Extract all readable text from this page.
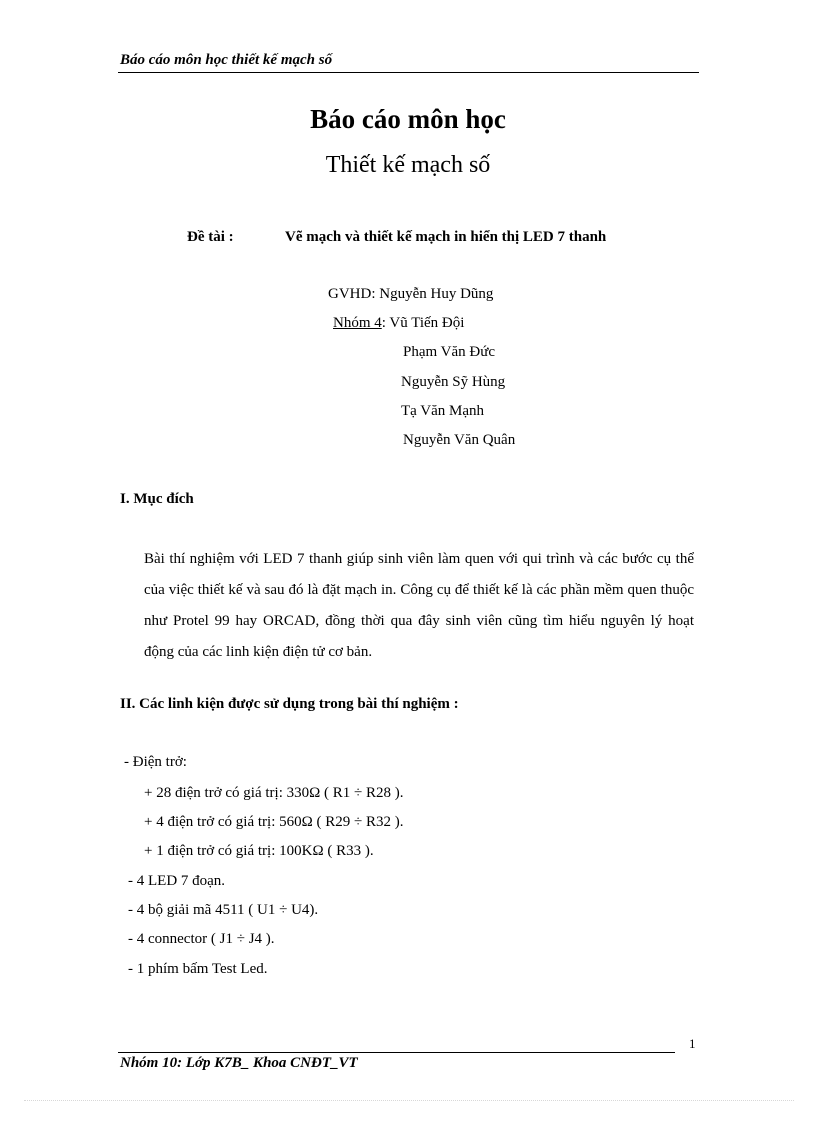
Báo cáo môn học thiết kế mạch số
Báo cáo môn học
Thiết kế mạch số
Đề tài :	Vẽ mạch và thiết kế mạch in hiển thị LED 7 thanh
GVHD: Nguyễn Huy Dũng
Nhóm 4: Vũ Tiến Đội
Phạm Văn Đức
Nguyễn Sỹ Hùng
Tạ Văn Mạnh
Nguyễn Văn Quân
I. Mục đích
Bài thí nghiệm với LED 7 thanh giúp sinh viên làm quen với qui trình và các bước cụ thể của việc thiết kế và sau đó là đặt mạch in. Công cụ để thiết kế là các phần mềm quen thuộc như Protel 99 hay ORCAD, đồng thời qua đây sinh viên cũng tìm hiểu nguyên lý hoạt động của các linh kiện điện tử cơ bản.
II. Các linh kiện được sử dụng trong bài thí nghiệm :
- Điện trở:
+ 28 điện trở có giá trị: 330Ω ( R1 ÷ R28 ).
+ 4 điện trở có giá trị: 560Ω ( R29 ÷ R32 ).
+ 1 điện trở có giá trị: 100KΩ ( R33 ).
- 4 LED 7 đoạn.
- 4 bộ giải mã 4511 ( U1 ÷ U4).
- 4 connector ( J1 ÷ J4 ).
- 1 phím bấm Test Led.
1
Nhóm 10: Lớp K7B_ Khoa CNĐT_VT
